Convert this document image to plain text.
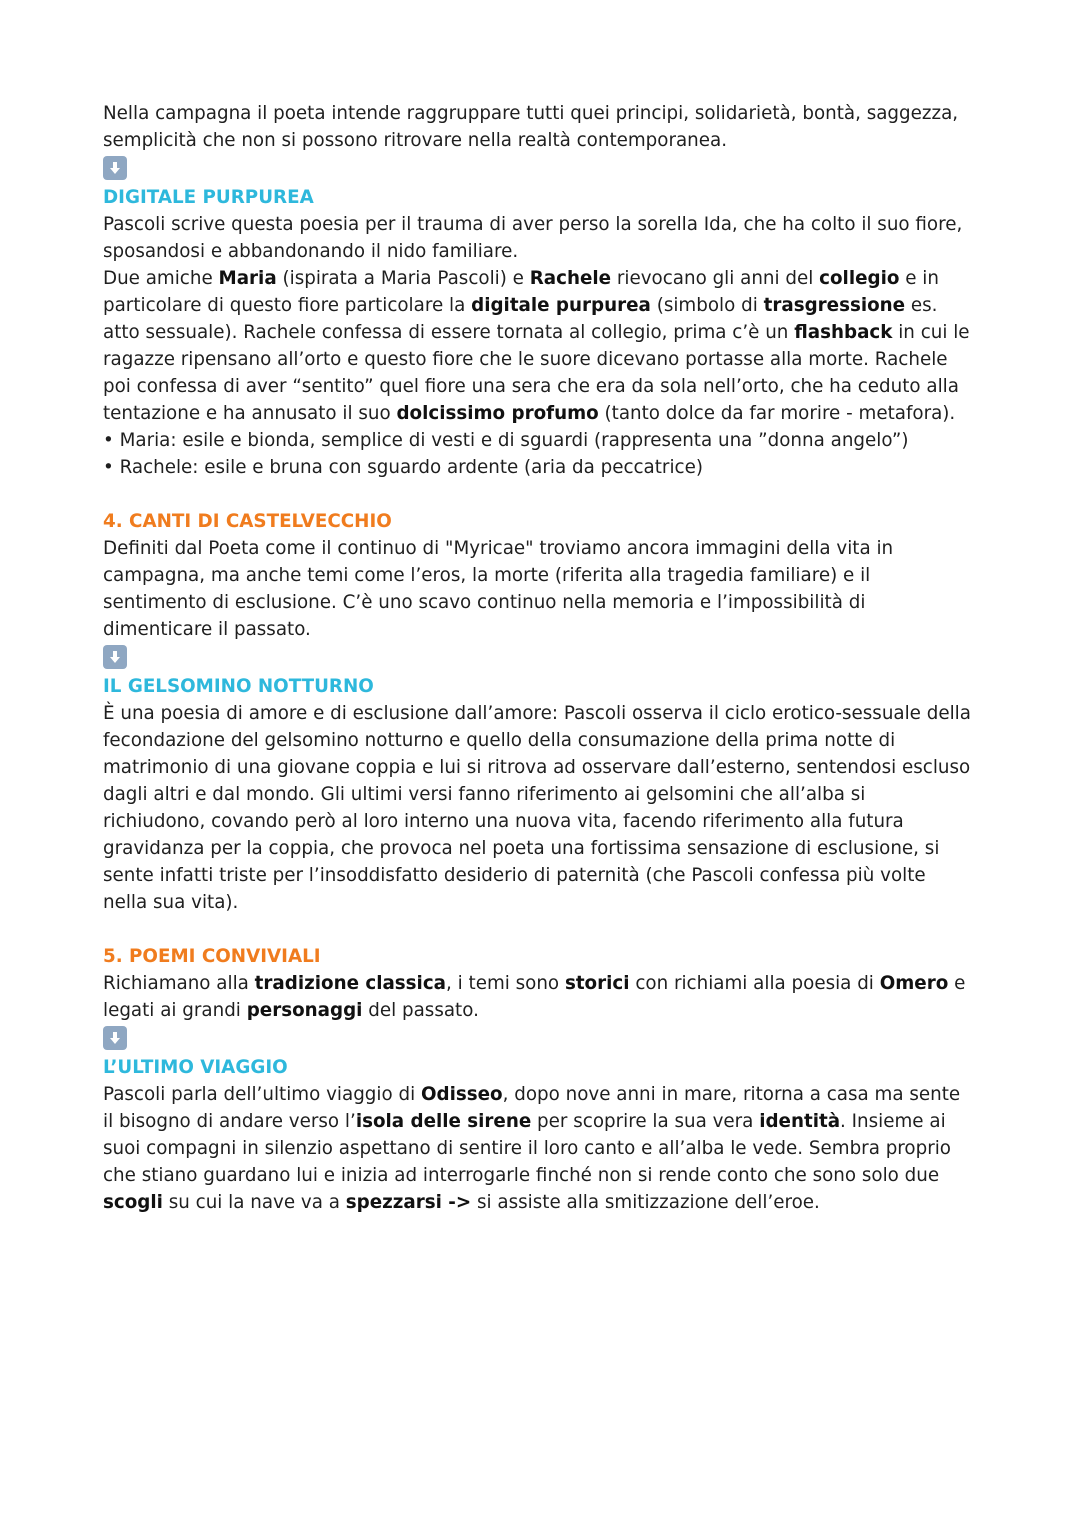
Nella campagna il poeta intende raggruppare tutti quei principi, solidarietà, bontà, saggezza, semplicità che non si possono ritrovare nella realtà contemporanea.

DIGITALE PURPUREA

Pascoli scrive questa poesia per il trauma di aver perso la sorella Ida, che ha colto il suo fiore, sposandosi e abbandonando il nido familiare.

Due amiche Maria (ispirata a Maria Pascoli) e Rachele rievocano gli anni del collegio e in particolare di questo fiore particolare la digitale purpurea (simbolo di trasgressione es. atto sessuale). Rachele confessa di essere tornata al collegio, prima c’è un flashback in cui le ragazze ripensano all’orto e questo fiore che le suore dicevano portasse alla morte. Rachele poi confessa di aver “sentito” quel fiore una sera che era da sola nell’orto, che ha ceduto alla tentazione e ha annusato il suo dolcissimo profumo (tanto dolce da far morire - metafora).

• Maria: esile e bionda, semplice di vesti e di sguardi (rappresenta una ”donna angelo”)

• Rachele: esile e bruna con sguardo ardente (aria da peccatrice)

4. CANTI DI CASTELVECCHIO

Definiti dal Poeta come il continuo di "Myricae" troviamo ancora immagini della vita in campagna, ma anche temi come l’eros, la morte (riferita alla tragedia familiare) e il sentimento di esclusione. C’è uno scavo continuo nella memoria e l’impossibilità di dimenticare il passato.

IL GELSOMINO NOTTURNO

È una poesia di amore e di esclusione dall’amore: Pascoli osserva il ciclo erotico-sessuale della fecondazione del gelsomino notturno e quello della consumazione della prima notte di matrimonio di una giovane coppia e lui si ritrova ad osservare dall’esterno, sentendosi escluso dagli altri e dal mondo. Gli ultimi versi fanno riferimento ai gelsomini che all’alba si richiudono, covando però al loro interno una nuova vita, facendo riferimento alla futura gravidanza per la coppia, che provoca nel poeta una fortissima sensazione di esclusione, si sente infatti triste per l’insoddisfatto desiderio di paternità (che Pascoli confessa più volte nella sua vita).

5. POEMI CONVIVIALI

Richiamano alla tradizione classica, i temi sono storici con richiami alla poesia di Omero e legati ai grandi personaggi del passato.

L’ULTIMO VIAGGIO

Pascoli parla dell’ultimo viaggio di Odisseo, dopo nove anni in mare, ritorna a casa ma sente il bisogno di andare verso l’isola delle sirene per scoprire la sua vera identità. Insieme ai suoi compagni in silenzio aspettano di sentire il loro canto e all’alba le vede. Sembra proprio che stiano guardano lui e inizia ad interrogarle finché non si rende conto che sono solo due scogli su cui la nave va a spezzarsi -> si assiste alla smitizzazione dell’eroe.
